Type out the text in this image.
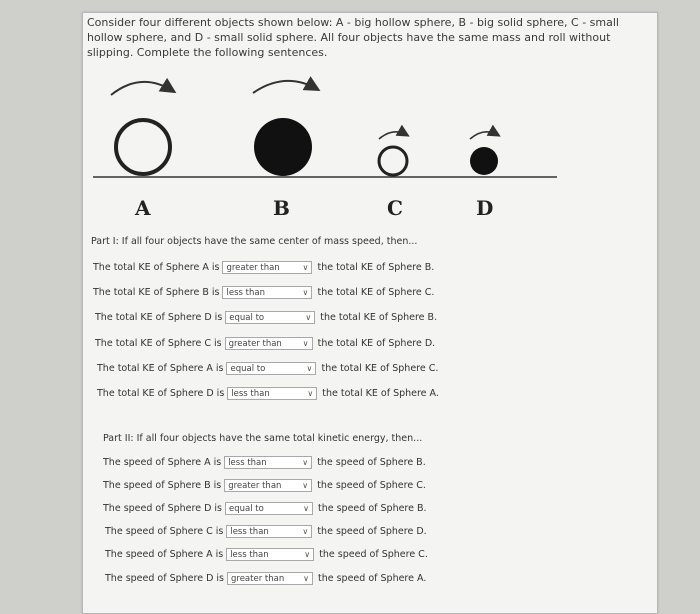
Consider four different objects shown below: A - big hollow sphere, B - big solid sphere, C - small hollow sphere, and D - small solid sphere. All four objects have the same mass and roll without slipping. Complete the following sentences.
A	B	C	D
Part I: If all four objects have the same center of mass speed, then...
The total KE of Sphere A is greater than	∨ the total KE of Sphere B.
The total KE of Sphere B is less than	∨ the total KE of Sphere C.
The total KE of Sphere D is equal to	∨ the total KE of Sphere B.
The total KE of Sphere C is greater than	∨ the total KE of Sphere D.
The total KE of Sphere A is equal to	∨ the total KE of Sphere C.
The total KE of Sphere D is less than	∨ the total KE of Sphere A.
Part II: If all four objects have the same total kinetic energy, then...
The speed of Sphere A is less than	∨ the speed of Sphere B.
The speed of Sphere B is greater than	∨ the speed of Sphere C.
The speed of Sphere D is equal to	∨ the speed of Sphere B.
The speed of Sphere C is less than	∨ the speed of Sphere D.
The speed of Sphere A is less than	∨ the speed of Sphere C.
The speed of Sphere D is greater than ∨ the speed of Sphere A.
